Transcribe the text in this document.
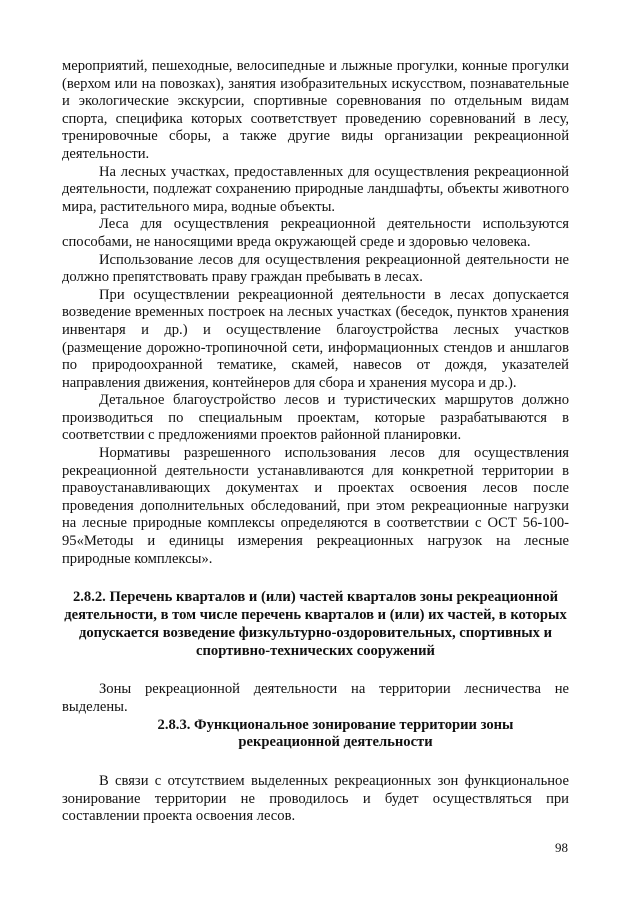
мероприятий, пешеходные, велосипедные и лыжные прогулки, конные прогулки (верхом или на повозках), занятия изобразительных искусством, познавательные и экологические экскурсии, спортивные соревнования по отдельным видам спорта, специфика которых соответствует проведению соревнований в лесу, тренировочные сборы, а также другие виды организации рекреационной деятельности.

На лесных участках, предоставленных для осуществления рекреационной деятельности, подлежат сохранению природные ландшафты, объекты животного мира, растительного мира, водные объекты.

Леса для осуществления рекреационной деятельности используются способами, не наносящими вреда окружающей среде и здоровью человека.

Использование лесов для осуществления рекреационной деятельности не должно препятствовать праву граждан пребывать в лесах.

При осуществлении рекреационной деятельности в лесах допускается возведение временных построек на лесных участках (беседок, пунктов хранения инвентаря и др.) и осуществление благоустройства лесных участков (размещение дорожно-тропиночной сети, информационных стендов и аншлагов по природоохранной тематике, скамей, навесов от дождя, указателей направления движения, контейнеров для сбора и хранения мусора и др.).

Детальное благоустройство лесов и туристических маршрутов должно производиться по специальным проектам, которые разрабатываются в соответствии с предложениями проектов районной планировки.

Нормативы разрешенного использования лесов для осуществления рекреационной деятельности устанавливаются для конкретной территории в правоустанавливающих документах и проектах освоения лесов после проведения дополнительных обследований, при этом рекреационные нагрузки на лесные природные комплексы определяются в соответствии с ОСТ 56-100-95«Методы и единицы измерения рекреационных нагрузок на лесные природные комплексы».

2.8.2. Перечень кварталов и (или) частей кварталов зоны рекреационной деятельности, в том числе перечень кварталов и (или) их частей, в которых допускается возведение физкультурно-оздоровительных, спортивных и спортивно-технических сооружений

Зоны рекреационной деятельности на территории лесничества не выделены.

2.8.3. Функциональное зонирование территории зоны
рекреационной деятельности

В связи с отсутствием выделенных рекреационных зон функциональное зонирование территории не проводилось и будет осуществляться при составлении проекта освоения лесов.

98
